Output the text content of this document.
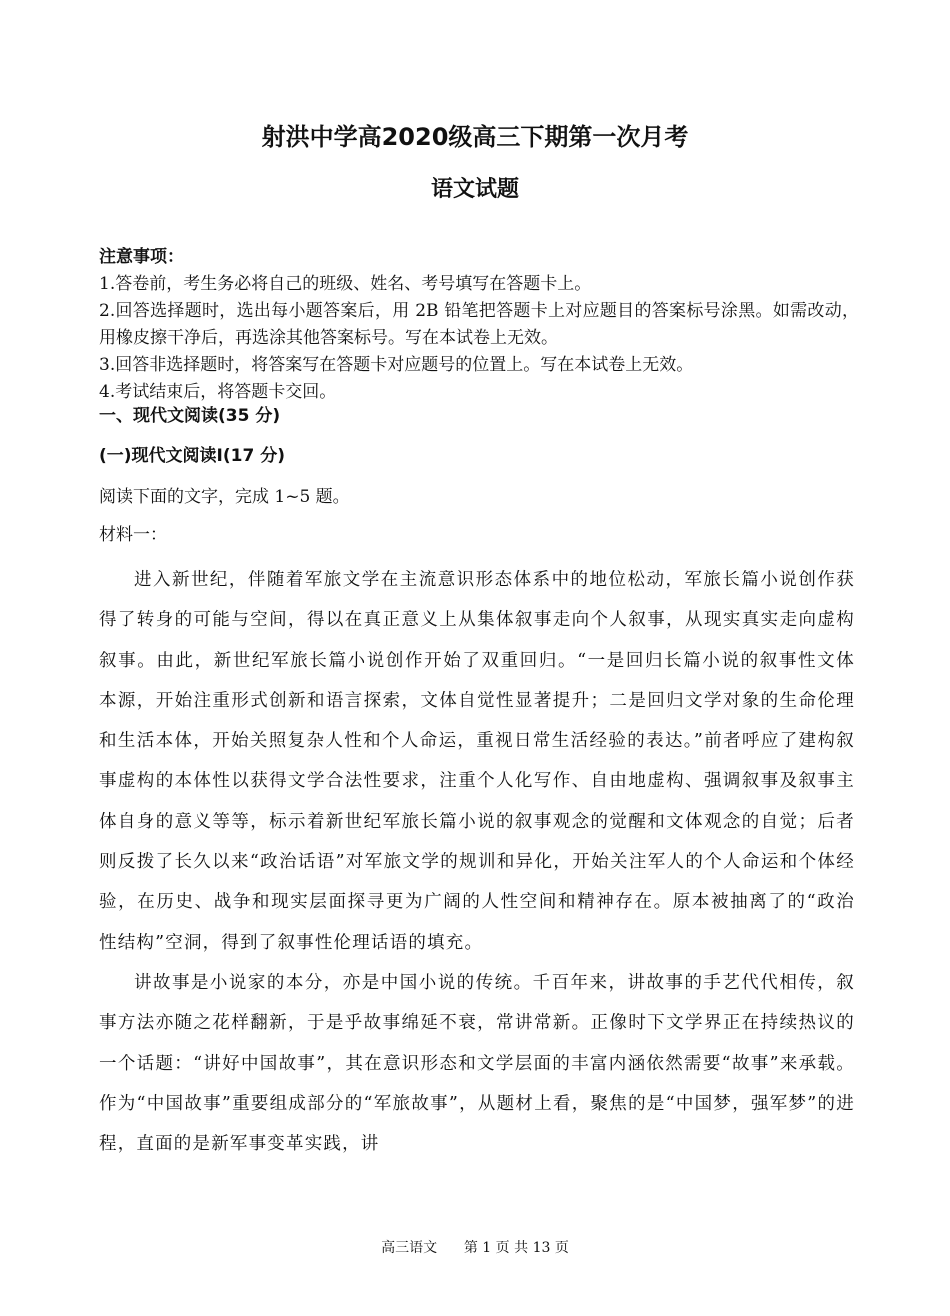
射洪中学高2020级高三下期第一次月考
语文试题
注意事项：
1.答卷前，考生务必将自己的班级、姓名、考号填写在答题卡上。
2.回答选择题时，选出每小题答案后，用 2B 铅笔把答题卡上对应题目的答案标号涂黑。如需改动，用橡皮擦干净后，再选涂其他答案标号。写在本试卷上无效。
3.回答非选择题时，将答案写在答题卡对应题号的位置上。写在本试卷上无效。
4.考试结束后，将答题卡交回。
一、现代文阅读(35 分)
(一)现代文阅读Ⅰ(17 分)
阅读下面的文字，完成 1~5 题。
材料一：

进入新世纪，伴随着军旅文学在主流意识形态体系中的地位松动，军旅长篇小说创作获得了转身的可能与空间，得以在真正意义上从集体叙事走向个人叙事，从现实真实走向虚构叙事。由此，新世纪军旅长篇小说创作开始了双重回归。“一是回归长篇小说的叙事性文体本源，开始注重形式创新和语言探索，文体自觉性显著提升；二是回归文学对象的生命伦理和生活本体，开始关照复杂人性和个人命运，重视日常生活经验的表达。”前者呼应了建构叙事虚构的本体性以获得文学合法性要求，注重个人化写作、自由地虚构、强调叙事及叙事主体自身的意义等等，标示着新世纪军旅长篇小说的叙事观念的觉醒和文体观念的自觉；后者则反拨了长久以来“政治话语”对军旅文学的规训和异化，开始关注军人的个人命运和个体经验，在历史、战争和现实层面探寻更为广阔的人性空间和精神存在。原本被抽离了的“政治性结构”空洞，得到了叙事性伦理话语的填充。

讲故事是小说家的本分，亦是中国小说的传统。千百年来，讲故事的手艺代代相传，叙事方法亦随之花样翻新，于是乎故事绵延不衰，常讲常新。正像时下文学界正在持续热议的一个话题：“讲好中国故事”，其在意识形态和文学层面的丰富内涵依然需要“故事”来承载。作为“中国故事”重要组成部分的“军旅故事”，从题材上看，聚焦的是“中国梦，强军梦”的进程，直面的是新军事变革实践，讲

高三语文 第 1 页 共 13 页
